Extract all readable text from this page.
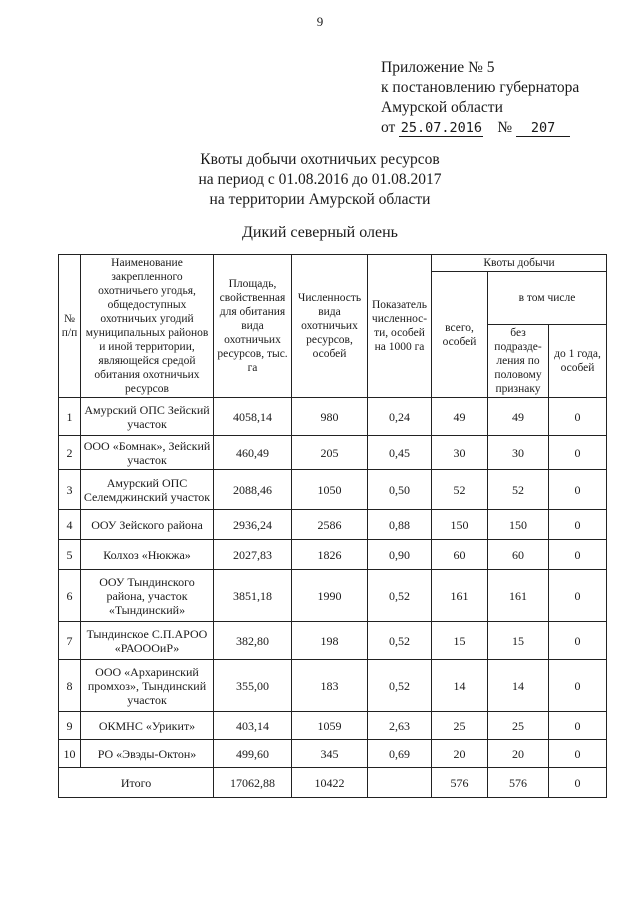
9
Приложение № 5
к постановлению губернатора
Амурской области
от 25.07.2016 № 207
Квоты добычи охотничьих ресурсов
на период с 01.08.2016 до 01.08.2017
на территории Амурской области
Дикий северный олень
№ п/п	Наименование закрепленного охотничьего угодья, общедоступных охотничьих угодий муниципальных районов и иной территории, являющейся средой обитания охотничьих ресурсов	Площадь, свойственная для обитания вида охотничьих ресурсов, тыс. га	Численность вида охотничьих ресурсов, особей	Показатель численнос-ти, особей на 1000 га	Квоты добычи		
					всего, особей	в том числе	
						без подразде-ления по половому признаку	до 1 года, особей
1	Амурский ОПС Зейский участок	4058,14	980	0,24	49	49	0
2	ООО «Бомнак», Зейский участок	460,49	205	0,45	30	30	0
3	Амурский ОПС Селемджинский участок	2088,46	1050	0,50	52	52	0
4	ООУ Зейского района	2936,24	2586	0,88	150	150	0
5	Колхоз «Нюкжа»	2027,83	1826	0,90	60	60	0
6	ООУ Тындинского района, участок «Тындинский»	3851,18	1990	0,52	161	161	0
7	Тындинское С.П.АРОО «РАОООиР»	382,80	198	0,52	15	15	0
8	ООО «Архаринский промхоз», Тындинский участок	355,00	183	0,52	14	14	0
9	ОКМНС «Урикит»	403,14	1059	2,63	25	25	0
10	РО «Эвэды-Октон»	499,60	345	0,69	20	20	0
Итого		17062,88	10422		576	576	0
